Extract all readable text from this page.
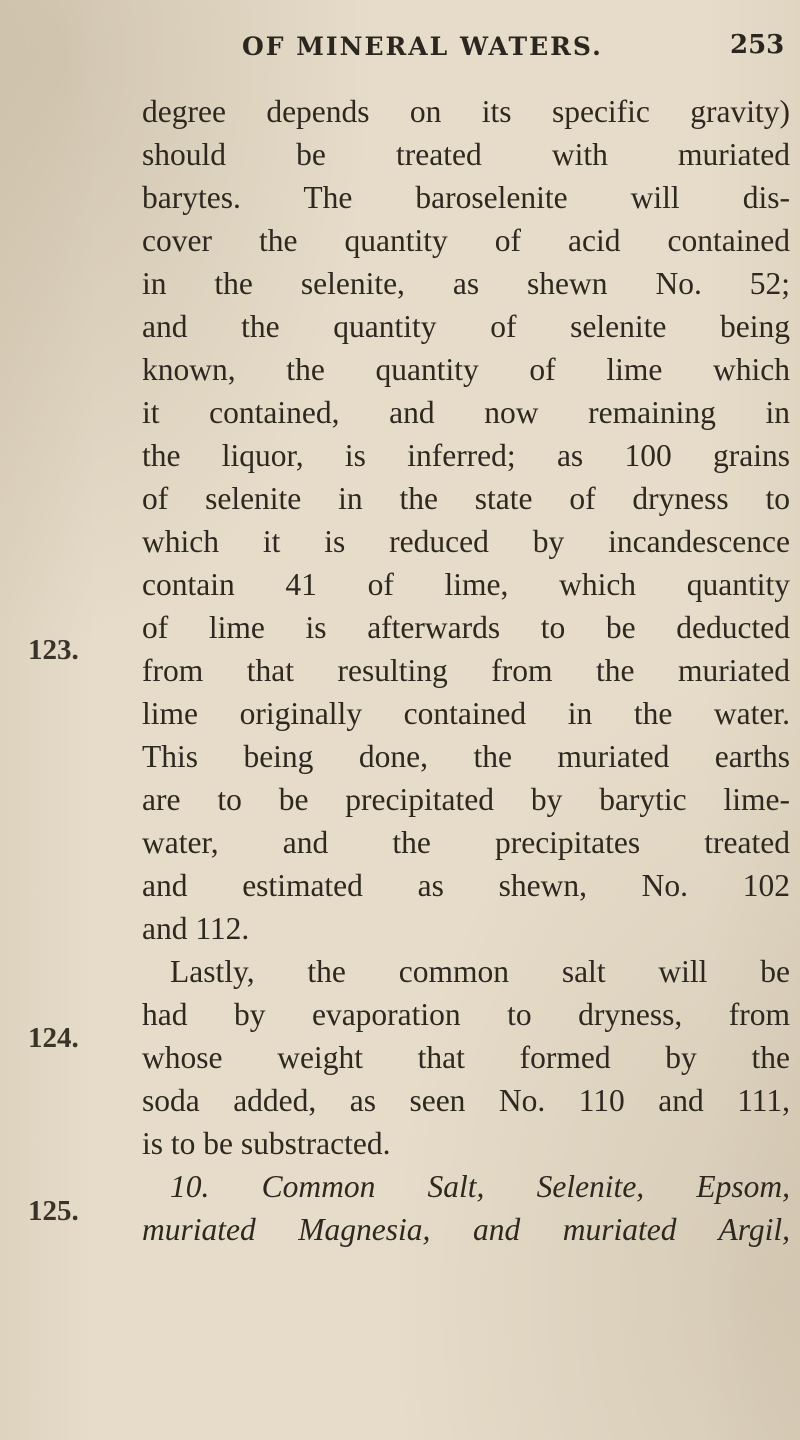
OF MINERAL WATERS.	253
123.
124.
125.
degree depends on its specific gravity)
should be treated with muriated
barytes. The baroselenite will dis-
cover the quantity of acid contained
in the selenite, as shewn No. 52;
and the quantity of selenite being
known, the quantity of lime which
it contained, and now remaining in
the liquor, is inferred; as 100 grains
of selenite in the state of dryness to
which it is reduced by incandescence
contain 41 of lime, which quantity
of lime is afterwards to be deducted
from that resulting from the muriated
lime originally contained in the water.
This being done, the muriated earths
are to be precipitated by barytic lime-
water, and the precipitates treated
and estimated as shewn, No. 102
and 112.
Lastly, the common salt will be
had by evaporation to dryness, from
whose weight that formed by the
soda added, as seen No. 110 and 111,
is to be substracted.
10. Common Salt, Selenite, Epsom,
muriated Magnesia, and muriated Argil,
